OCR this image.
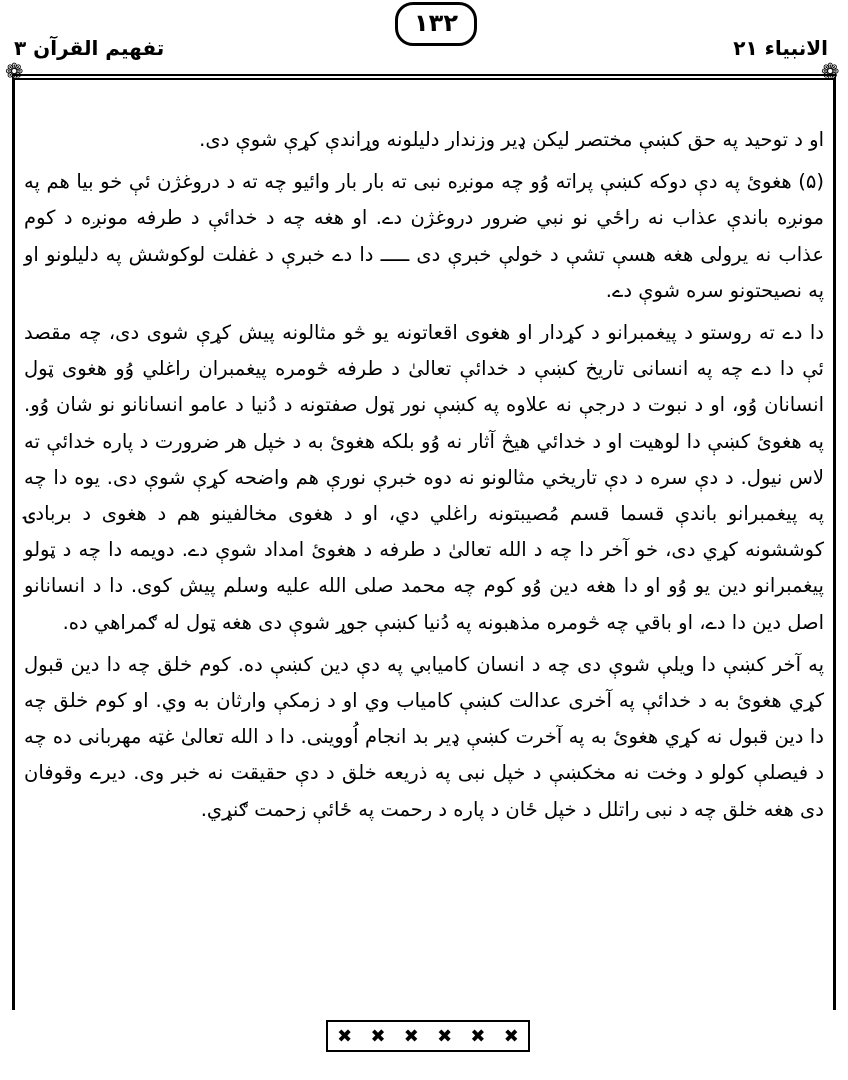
تفهیم القرآن ۳
۱۳۲
الانبیاء ۲۱
❁	❁

او د توحید په حق کښې مختصر لیکن ډیر وزندار دلیلونه وړاندې کړې شوې دی.

(۵) هغوئ په دې دوکه کښې پراته وُو چه مونږه نبی ته بار بار وائیو چه ته د دروغژن ئې خو بیا هم په مونږه باندې عذاب نه راځي نو نبي ضرور دروغژن دے. او هغه چه د خدائې د طرفه مونږه د کوم عذاب نه یرولی هغه هسې تشې د خولې خبرې دی ـــــ دا دے خبرې د غفلت لوکوشش په دلیلونو او په نصیحتونو سره شوې دے.

دا دے ته روستو د پیغمبرانو د کړدار او هغوی اقعاتونه یو څو مثالونه پیش کړې شوی دی، چه مقصد ئې دا دے چه په انسانی تاریخ کښې د خدائې تعالیٰ د طرفه څومره پیغمبران راغلي وُو هغوی ټول انسانان وُو، او د نبوت د درجې نه علاوه په کښې نور ټول صفتونه د دُنیا د عامو انسانانو نو شان وُو. په هغوئ کښې دا لوهیت او د خدائي هیڅ آثار نه وُو بلکه هغوئ به د خپل هر ضرورت د پاره خدائې ته لاس نیول. د دې سره د دې تاریخي مثالونو نه دوه خبرې نورې هم واضحه کړې شوې دی. یوه دا چه په پیغمبرانو باندې قسما قسم مُصیبتونه راغلي دي، او د هغوی مخالفینو هم د هغوی د بربادۍ کوششونه کړي دی، خو آخر دا چه د الله تعالیٰ د طرفه د هغوئ امداد شوې دے. دویمه دا چه د ټولو پیغمبرانو دین یو وُو او دا هغه دین وُو کوم چه محمد صلی الله علیه وسلم پیش کوی. دا د انسانانو اصل دین دا دے، او باقي چه څومره مذهبونه په دُنیا کښې جوړ شوې دی هغه ټول له ګمراهي ده.

په آخر کښې دا ویلې شوې دی چه د انسان کامیابي په دې دین کښې ده. کوم خلق چه دا دین قبول کړي هغوئ به د خدائې په آخری عدالت کښې کامیاب وي او د زمکې وارثان به وي. او کوم خلق چه دا دین قبول نه کړي هغوئ به په آخرت کښې ډیر بد انجام اُووینی. دا د الله تعالیٰ غټه مهربانی ده چه د فیصلې کولو د وخت نه مخکښې د خپل نبی په ذریعه خلق د دې حقیقت نه خبر وی. دیرے وقوفان دی هغه خلق چه د نبی راتلل د خپل ځان د پاره د رحمت په ځائې زحمت ګنړي.

✖ ✖ ✖ ✖ ✖ ✖
